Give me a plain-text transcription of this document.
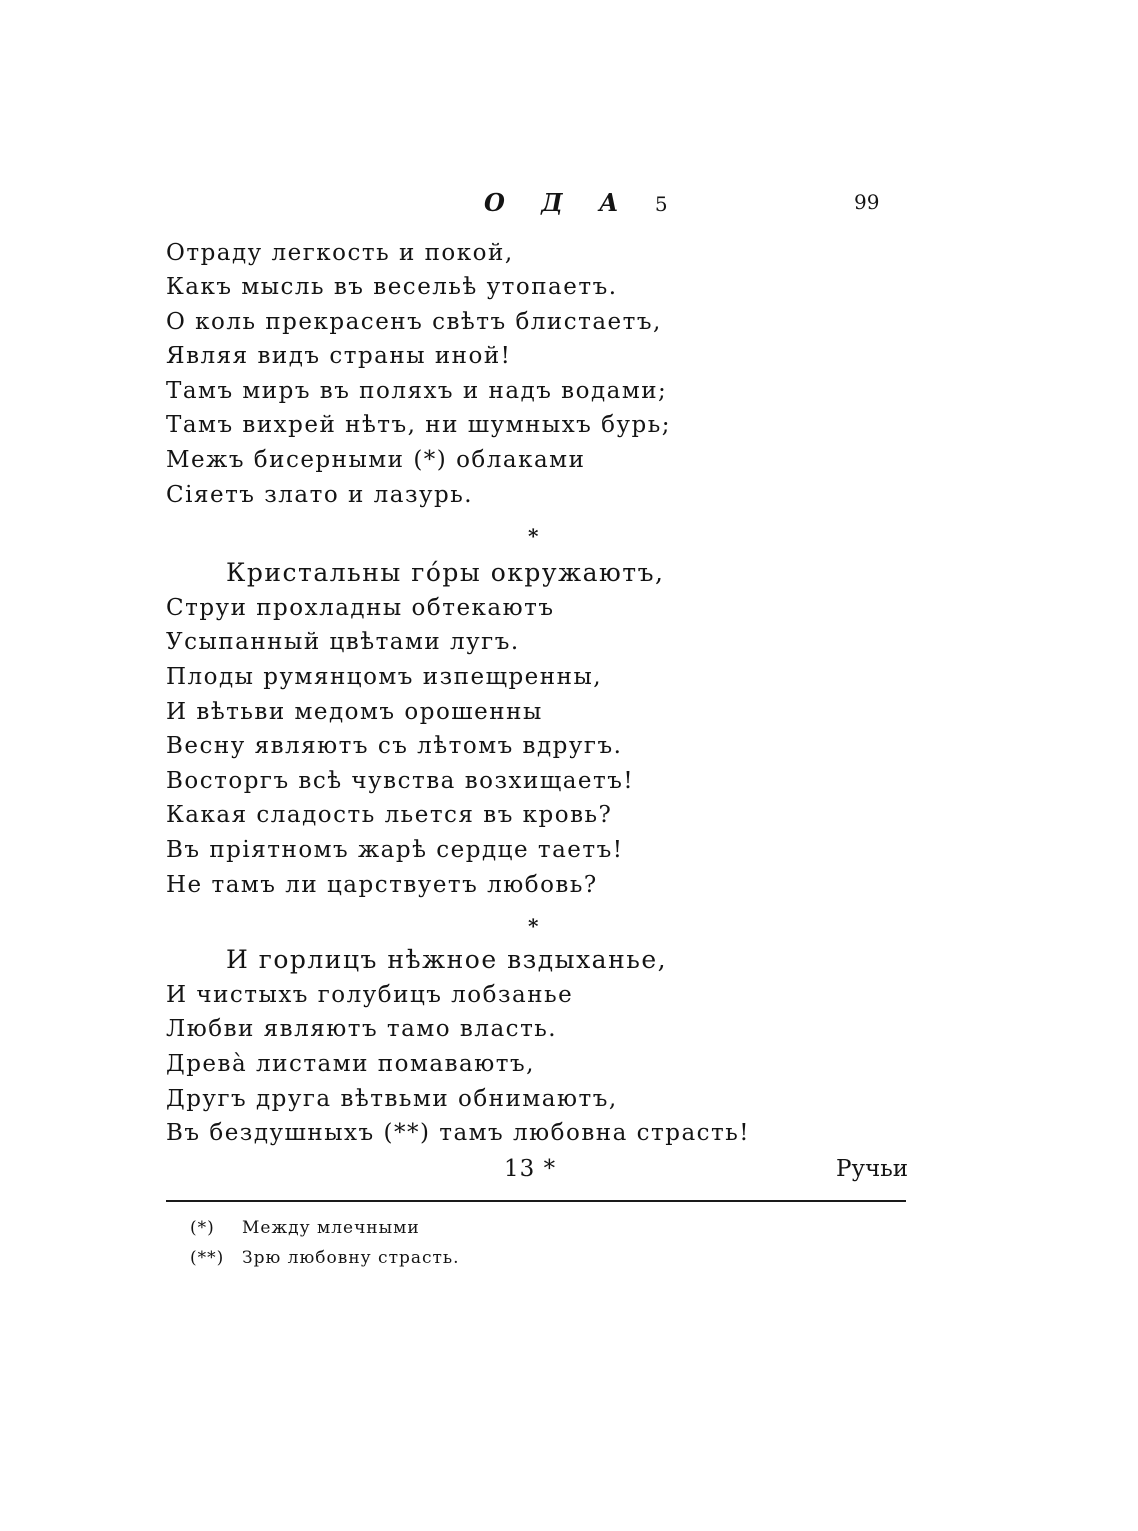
О Д А 5	99
Отраду легкость и покой,
Какъ мысль въ весельѣ утопаетъ.
О коль прекрасенъ свѣтъ блистаетъ,
Являя видъ страны иной!
Тамъ миръ въ поляхъ и надъ водами;
Тамъ вихрей нѣтъ, ни шумныхъ бурь;
Межъ бисерными (*) облаками
Сіяетъ злато и лазурь.
*
Кристальны го́ры окружаютъ,
Струи прохладны обтекаютъ
Усыпанный цвѣтами лугъ.
Плоды румянцомъ изпещренны,
И вѣтьви медомъ орошенны
Весну являютъ съ лѣтомъ вдругъ.
Восторгъ всѣ чувства возхищаетъ!
Какая сладость льется въ кровь?
Въ пріятномъ жарѣ сердце таетъ!
Не тамъ ли царствуетъ любовь?
*
И горлицъ нѣжное вздыханье,
И чистыхъ голубицъ лобзанье
Любви являютъ тамо власть.
Древа̀ листами помаваютъ,
Другъ друга вѣтвьми обнимаютъ,
Въ бездушныхъ (**) тамъ любовна страсть!
13 *	Ручьи
(*) Между млечными
(**) Зрю любовну страсть.
